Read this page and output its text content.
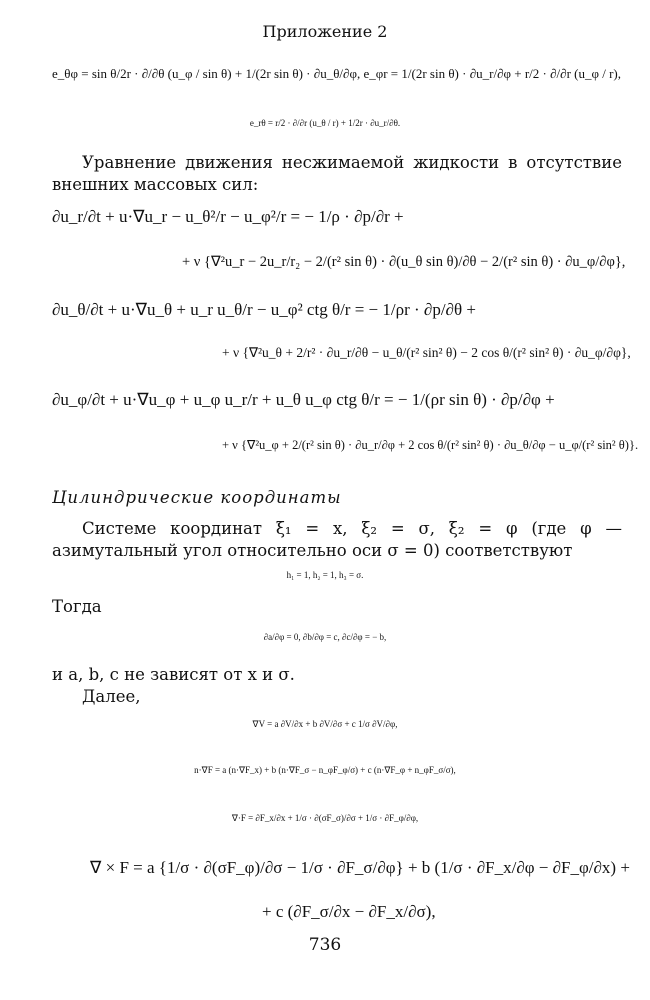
Приложение 2
e_θφ = sin θ/2r · ∂/∂θ (u_φ / sin θ) + 1/(2r sin θ) · ∂u_θ/∂φ, e_φr = 1/(2r sin θ) · ∂u_r/∂φ + r/2 · ∂/∂r (u_φ / r),
e_rθ = r/2 · ∂/∂r (u_θ / r) + 1/2r · ∂u_r/∂θ.
Уравнение движения несжимаемой жидкости в отсутствие внешних массовых сил:
∂u_r/∂t + u·∇u_r − u_θ²/r − u_φ²/r = − 1/ρ · ∂p/∂r +
+ ν {∇²u_r − 2u_r/r₂ − 2/(r² sin θ) · ∂(u_θ sin θ)/∂θ − 2/(r² sin θ) · ∂u_φ/∂φ},
∂u_θ/∂t + u·∇u_θ + u_r u_θ/r − u_φ² ctg θ/r = − 1/ρr · ∂p/∂θ +
+ ν {∇²u_θ + 2/r² · ∂u_r/∂θ − u_θ/(r² sin² θ) − 2 cos θ/(r² sin² θ) · ∂u_φ/∂φ},
∂u_φ/∂t + u·∇u_φ + u_φ u_r/r + u_θ u_φ ctg θ/r = − 1/(ρr sin θ) · ∂p/∂φ +
+ ν {∇²u_φ + 2/(r² sin θ) · ∂u_r/∂φ + 2 cos θ/(r² sin² θ) · ∂u_θ/∂φ − u_φ/(r² sin² θ)}.
Цилиндрические координаты
Системе координат ξ₁ = x, ξ₂ = σ, ξ₂ = φ (где φ — азимутальный угол относительно оси σ = 0) соответствуют
h₁ = 1, h₂ = 1, h₃ = σ.
Тогда
∂a/∂φ = 0, ∂b/∂φ = c, ∂c/∂φ = − b,
и a, b, c не зависят от x и σ.
Далее,
∇V = a ∂V/∂x + b ∂V/∂σ + c 1/σ ∂V/∂φ,
n·∇F = a (n·∇F_x) + b (n·∇F_σ − n_φF_φ/σ) + c (n·∇F_φ + n_φF_σ/σ),
∇·F = ∂F_x/∂x + 1/σ · ∂(σF_σ)/∂σ + 1/σ · ∂F_φ/∂φ,
∇ × F = a {1/σ · ∂(σF_φ)/∂σ − 1/σ · ∂F_σ/∂φ} + b (1/σ · ∂F_x/∂φ − ∂F_φ/∂x) +
+ c (∂F_σ/∂x − ∂F_x/∂σ),
736
